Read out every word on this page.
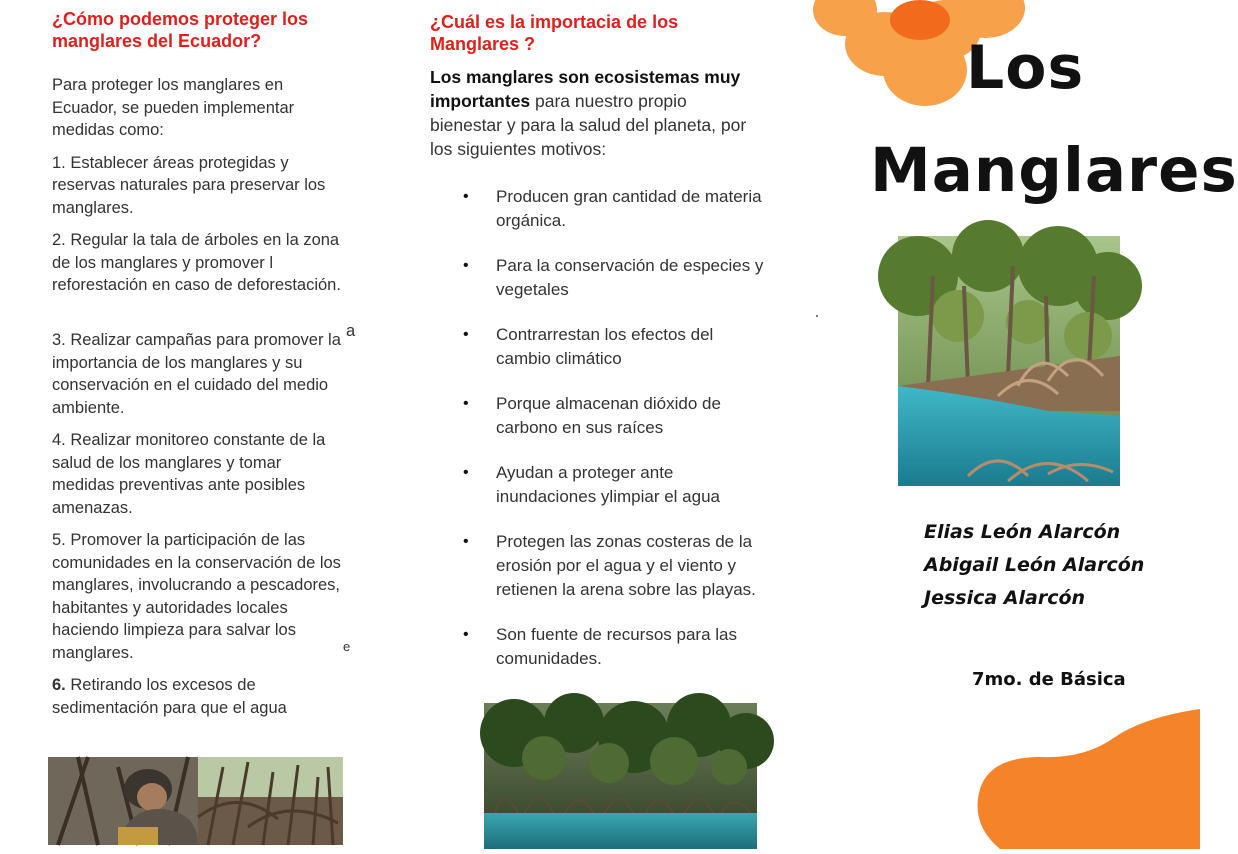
¿Cómo podemos proteger los manglares del Ecuador?

Para proteger los manglares en Ecuador, se pueden implementar medidas como:

1. Establecer áreas protegidas y reservas naturales para preservar los manglares.

2. Regular la tala de árboles en la zona de los manglares y promover l reforestación en caso de deforestación.

3. Realizar campañas para promover la importancia de los manglares y su conservación en el cuidado del medio ambiente.

4. Realizar monitoreo constante de la salud de los manglares y tomar medidas preventivas ante posibles amenazas.

5. Promover la participación de las comunidades en la conservación de los manglares, involucrando a pescadores, habitantes y autoridades locales haciendo limpieza para salvar los manglares.

6. Retirando los excesos de sedimentación para que el agua

a
e
¿Cuál es la importacia de los Manglares ?

Los manglares son ecosistemas muy importantes para nuestro propio bienestar y para la salud del planeta, por los siguientes motivos:

• Producen gran cantidad de materia orgánica.
• Para la conservación de especies y vegetales
• Contrarrestan los efectos del cambio climático
• Porque almacenan dióxido de carbono en sus raíces
• Ayudan a proteger ante inundaciones ylimpiar el agua
• Protegen las zonas costeras de la erosión por el agua y el viento y retienen la arena sobre las playas.
• Son fuente de recursos para las comunidades.
Los
Manglares
Elias León Alarcón
Abigail León Alarcón
Jessica Alarcón
7mo. de Básica
